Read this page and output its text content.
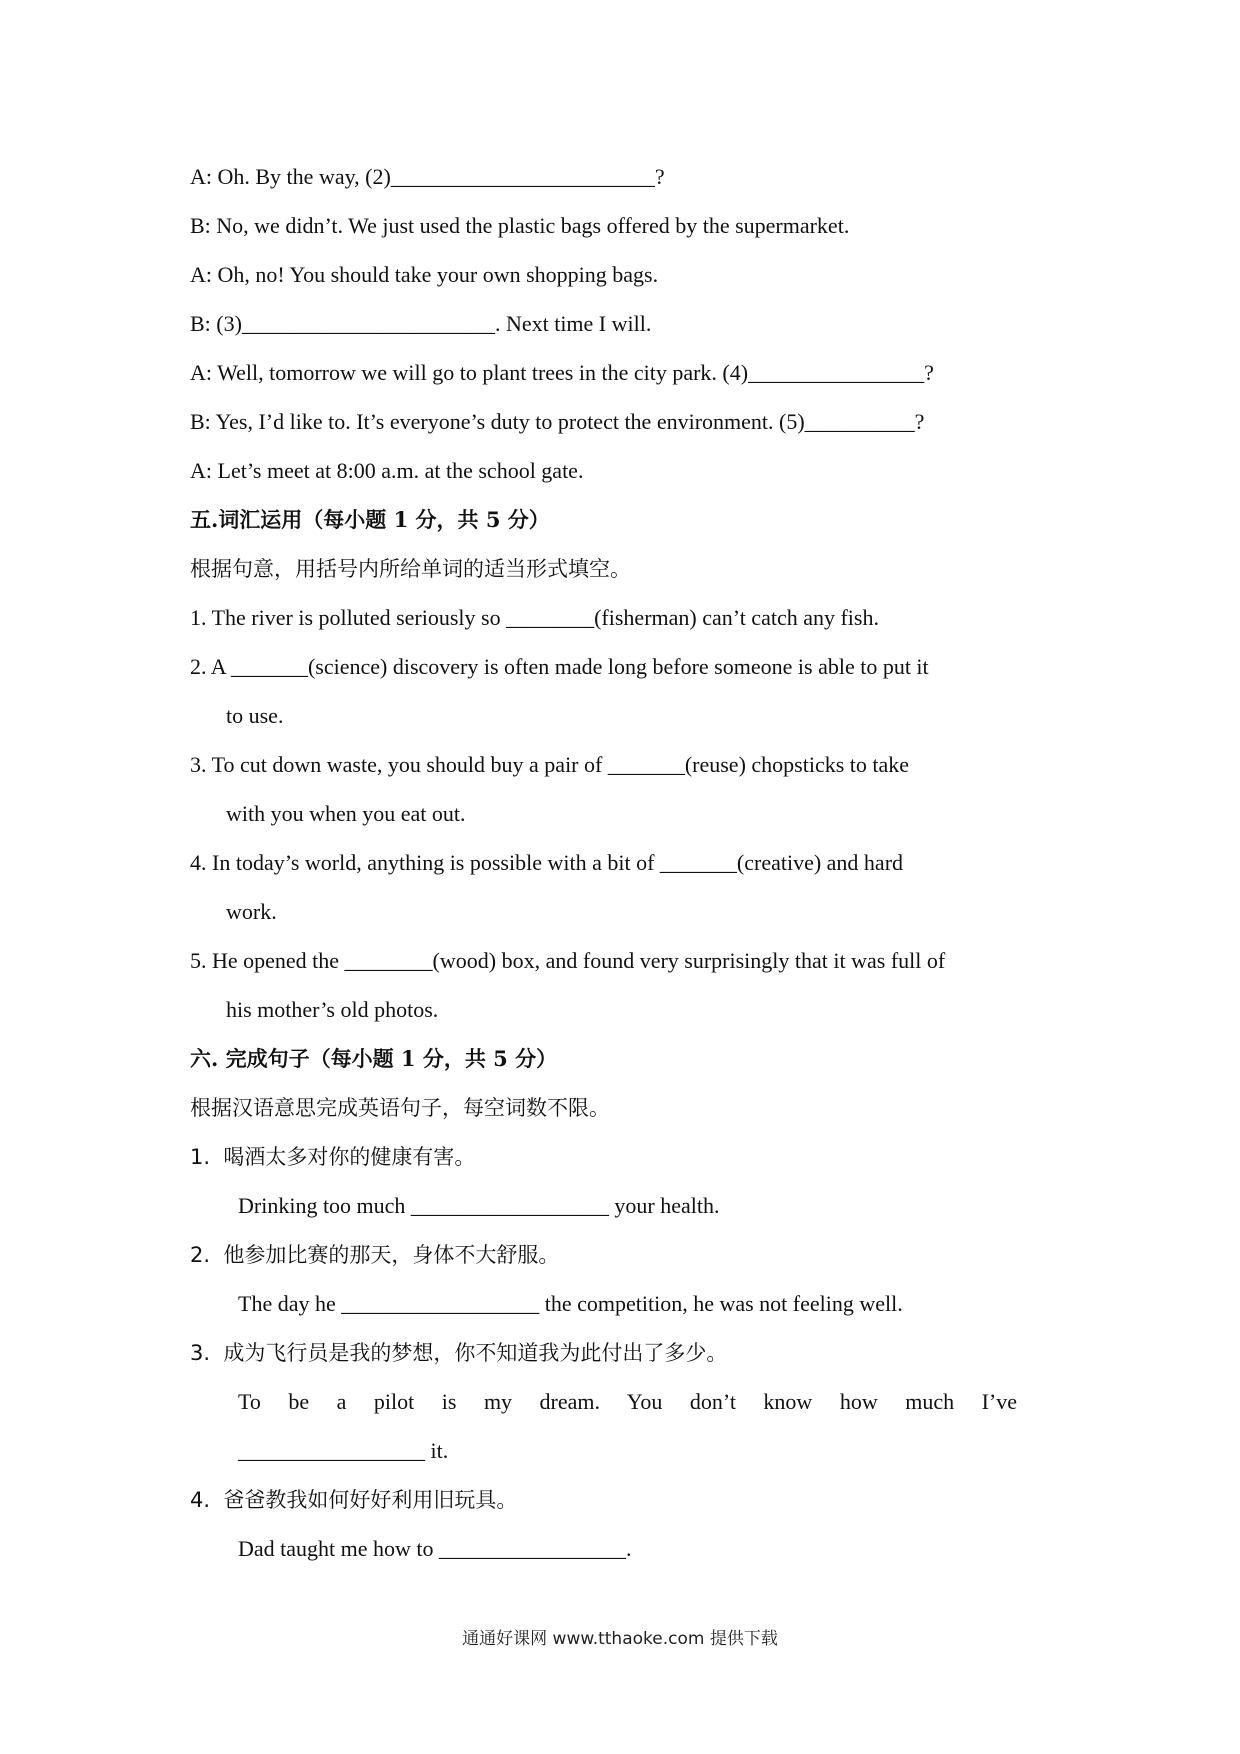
A: Oh. By the way, (2)________________________?
B: No, we didn’t. We just used the plastic bags offered by the supermarket.
A: Oh, no! You should take your own shopping bags.
B: (3)_______________________. Next time I will.
A: Well, tomorrow we will go to plant trees in the city park. (4)________________?
B: Yes, I’d like to. It’s everyone’s duty to protect the environment. (5)__________?
A: Let’s meet at 8:00 a.m. at the school gate.
五.词汇运用（每小题 1 分，共 5 分）
根据句意，用括号内所给单词的适当形式填空。
1. The river is polluted seriously so ________(fisherman) can’t catch any fish.
2. A _______(science) discovery is often made long before someone is able to put it
to use.
3. To cut down waste, you should buy a pair of _______(reuse) chopsticks to take
with you when you eat out.
4. In today’s world, anything is possible with a bit of _______(creative) and hard
work.
5. He opened the ________(wood) box, and found very surprisingly that it was full of
his mother’s old photos.
六. 完成句子（每小题 1 分，共 5 分）
根据汉语意思完成英语句子，每空词数不限。
1.  喝酒太多对你的健康有害。
Drinking too much __________________ your health.
2.  他参加比赛的那天，身体不大舒服。
The day he __________________ the competition, he was not feeling well.
3.  成为飞行员是我的梦想，你不知道我为此付出了多少。
To be a pilot is my dream. You don’t know how much I’ve
_________________ it.
4.  爸爸教我如何好好利用旧玩具。
Dad taught me how to _________________.
通通好课网 www.tthaoke.com 提供下载
